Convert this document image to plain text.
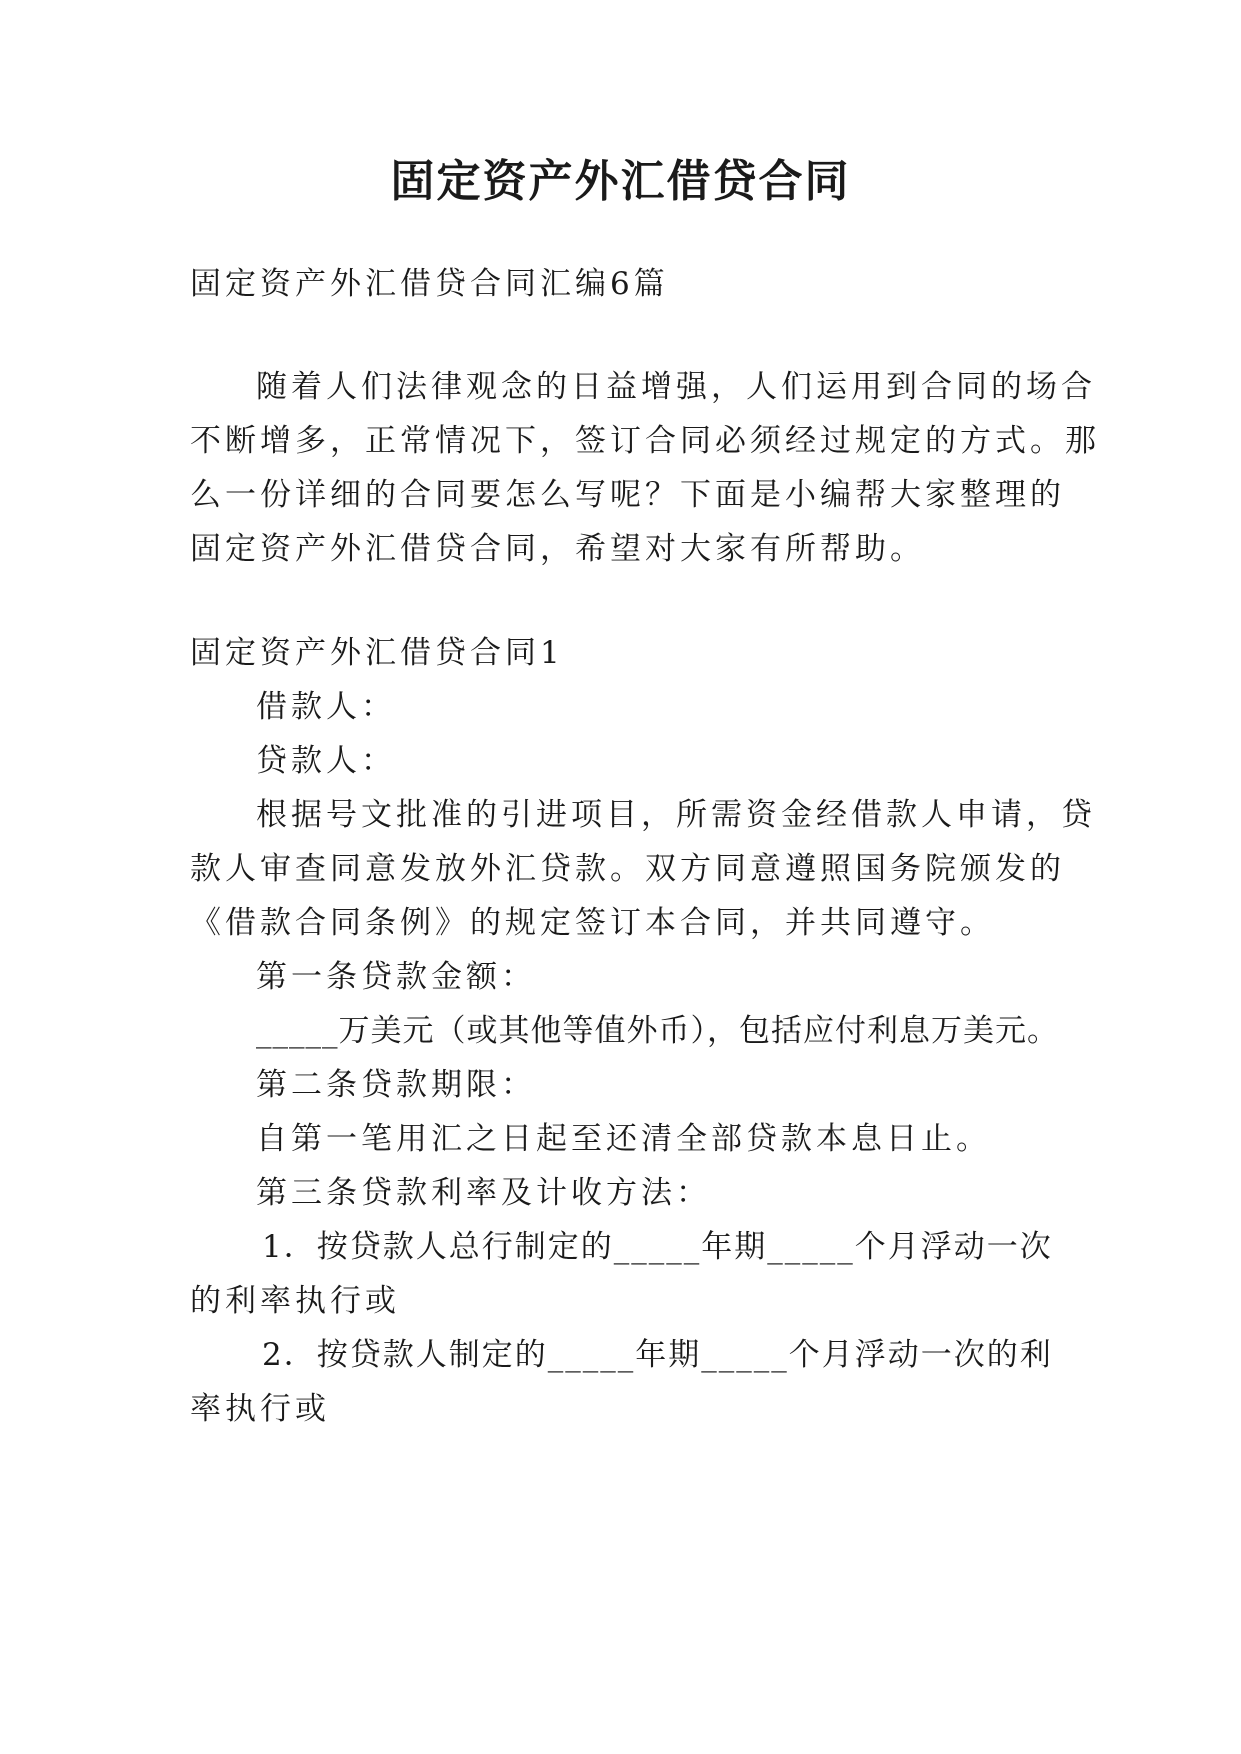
固定资产外汇借贷合同

固定资产外汇借贷合同汇编6篇

随着人们法律观念的日益增强，人们运用到合同的场合

不断增多，正常情况下，签订合同必须经过规定的方式。那

么一份详细的合同要怎么写呢？下面是小编帮大家整理的

固定资产外汇借贷合同，希望对大家有所帮助。

固定资产外汇借贷合同1

借款人：

贷款人：

根据号文批准的引进项目，所需资金经借款人申请，贷

款人审查同意发放外汇贷款。双方同意遵照国务院颁发的

《借款合同条例》的规定签订本合同，并共同遵守。

第一条贷款金额：

_____万美元（或其他等值外币），包括应付利息万美元。

第二条贷款期限：

自第一笔用汇之日起至还清全部贷款本息日止。

第三条贷款利率及计收方法：

1．按贷款人总行制定的_____年期_____个月浮动一次

的利率执行或

2．按贷款人制定的_____年期_____个月浮动一次的利

率执行或
